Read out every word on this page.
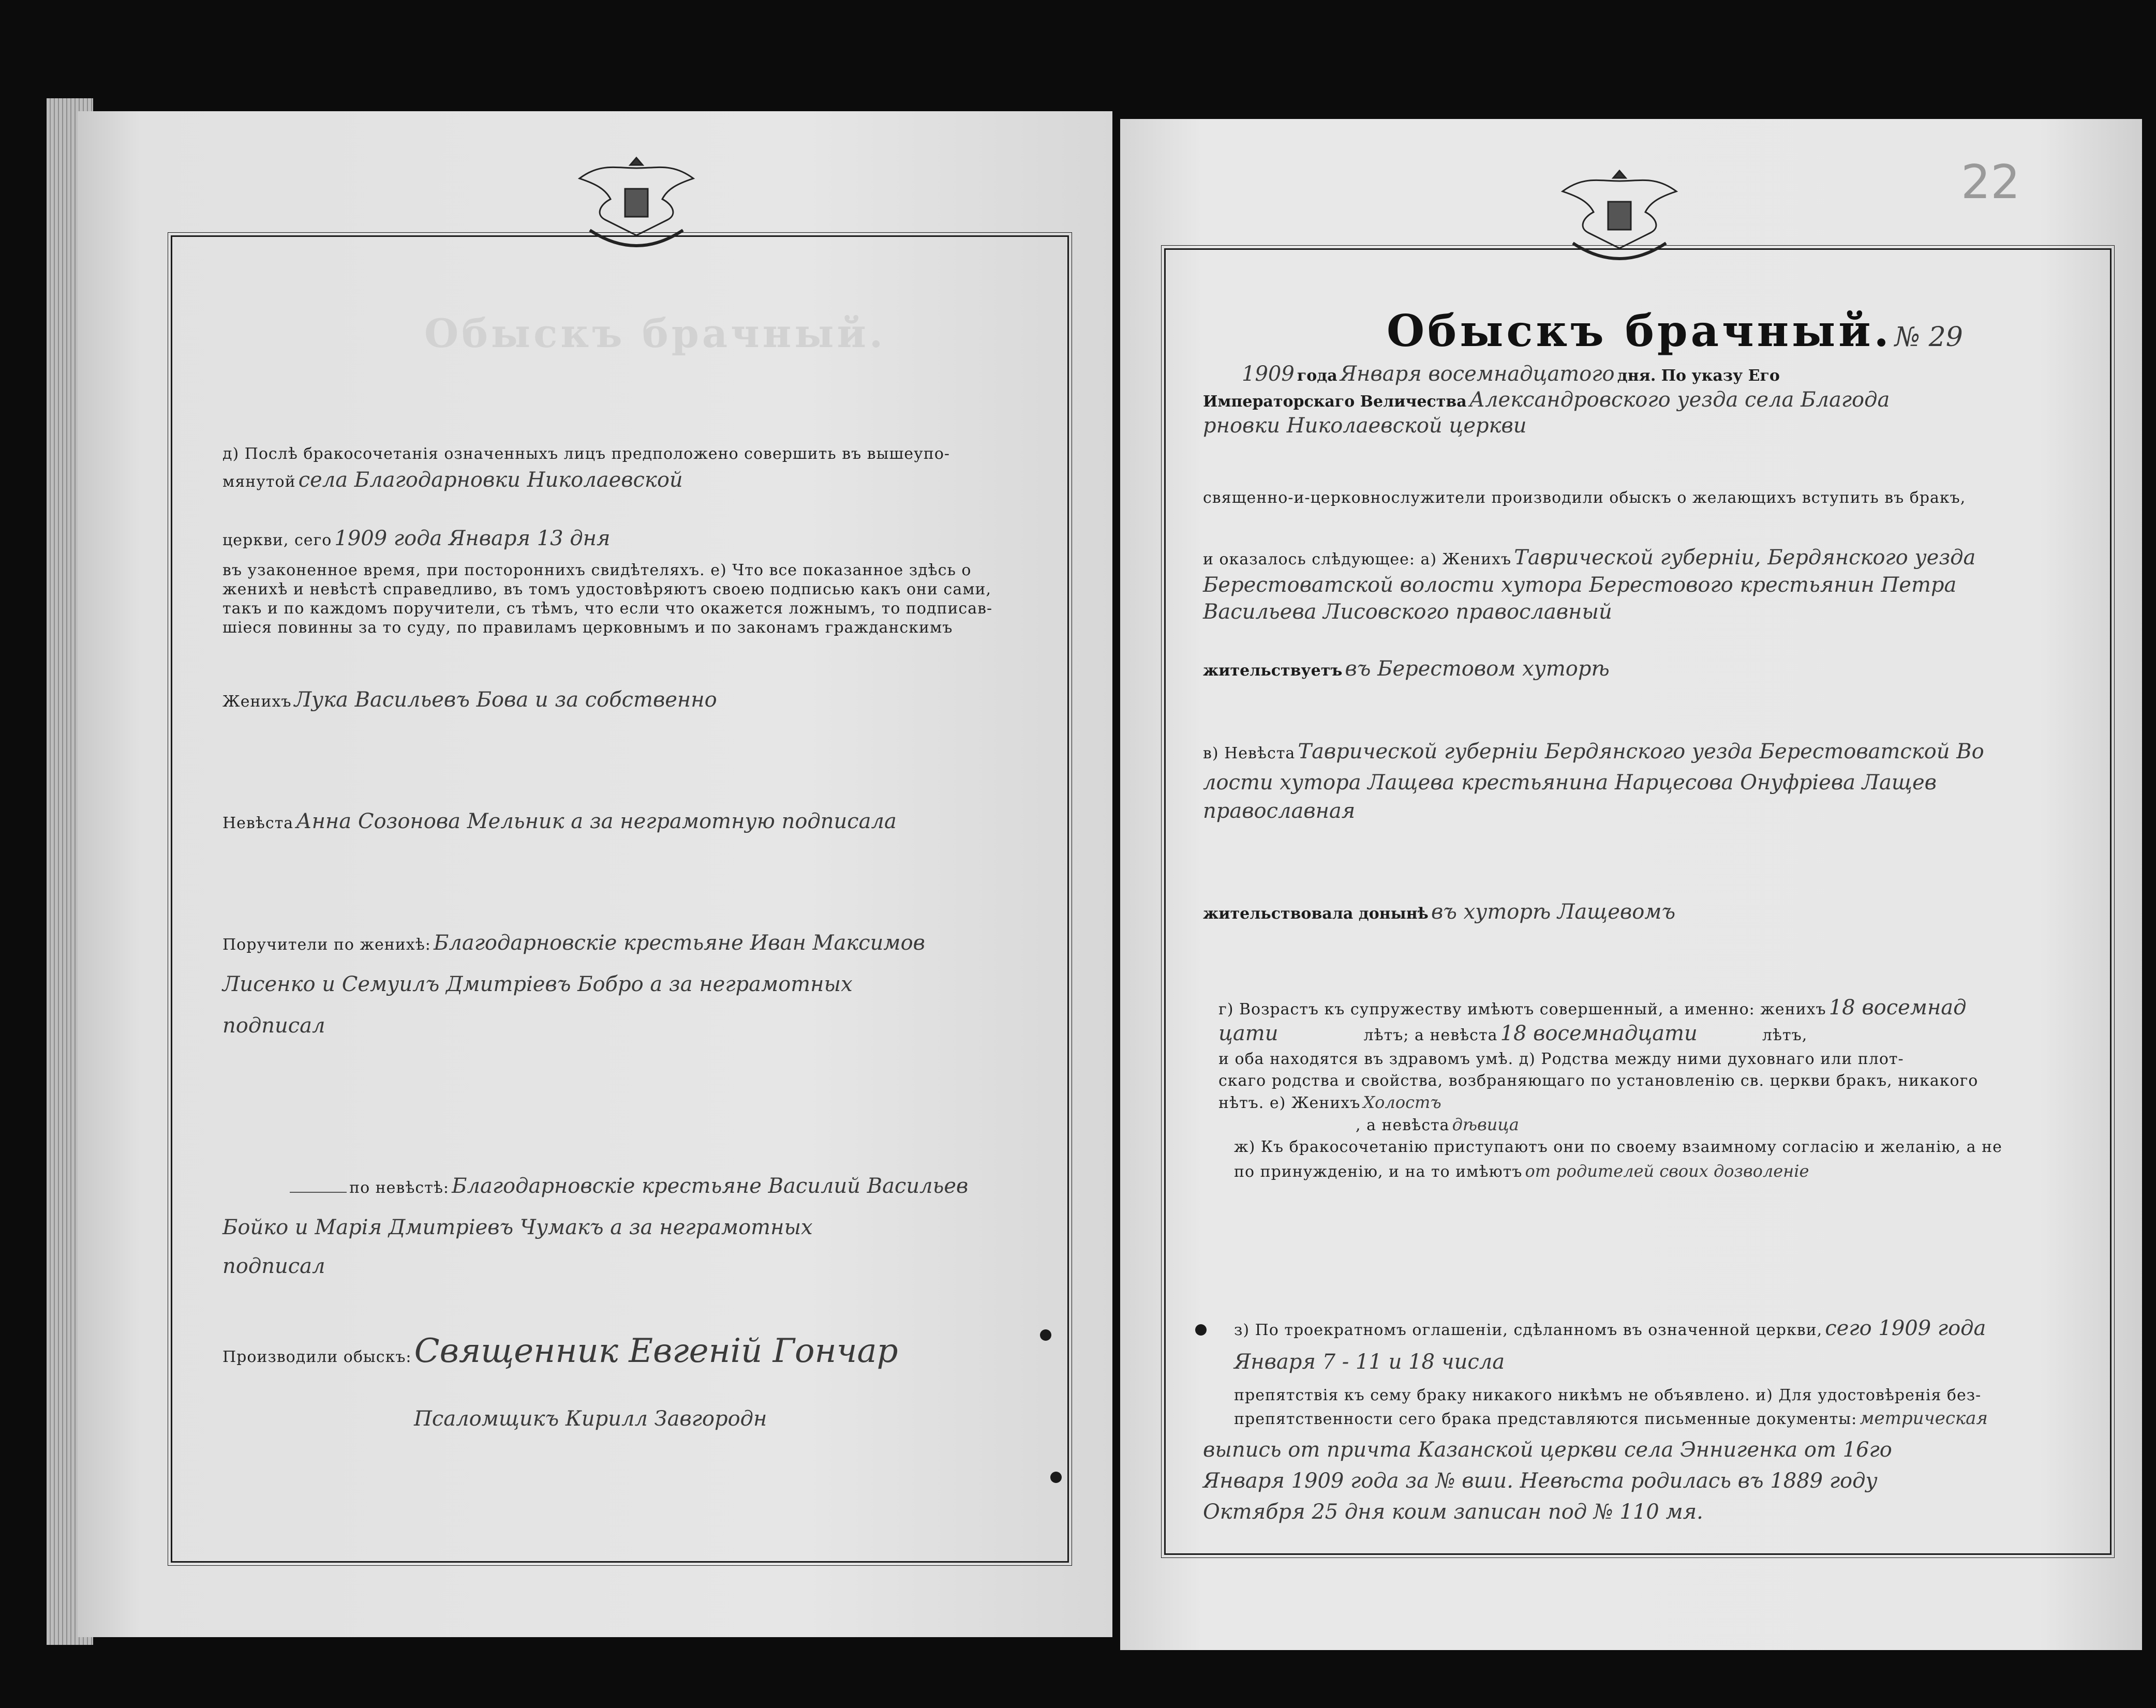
Обыскъ брачный.
д) Послѣ бракосочетанія означенныхъ лицъ предположено совершить въ вышеупо-
мянутой села Благодарновки Николаевской
церкви, сего 1909 года Января 13 дня
въ узаконенное время, при постороннихъ свидѣтеляхъ. е) Что все показанное здѣсь о
женихѣ и невѣстѣ справедливо, въ томъ удостовѣряютъ своею подписью какъ они сами,
такъ и по каждомъ поручители, съ тѣмъ, что если что окажется ложнымъ, то подписав-
шіеся повинны за то суду, по правиламъ церковнымъ и по законамъ гражданскимъ
Женихъ Лука Васильевъ Бова и за собственно
Невѣста Анна Созонова Мельник а за неграмотную подписала
Поручители по женихѣ: Благодарновскіе крестьяне Иван Максимов
Лисенко и Семуилъ Дмитріевъ Бобро а за неграмотных
подписал
по невѣстѣ: Благодарновскіе крестьяне Василий Васильев
Бойко и Марія Дмитріевъ Чумакъ а за неграмотных
подписал
Производили обыскъ: Священник Евгеній Гончар
Псаломщикъ Кирилл Завгородн
22
Обыскъ брачный. № 29
1909 года Января восемнадцатого дня. По указу Его
Императорскаго Величества Александровского уезда села Благода
рновки Николаевской церкви
священно-и-церковнослужители производили обыскъ о желающихъ вступить въ бракъ,
и оказалось слѣдующее: а) Женихъ Таврической губерніи, Бердянского уезда
Берестоватской волости хутора Берестового крестьянин Петра
Васильева Лисовского православный
жительствуетъ въ Берестовом хуторѣ
в) Невѣста Таврической губерніи Бердянского уезда Берестоватской Во
лости хутора Лащева крестьянина Нарцесова Онуфріева Лащев
православная
жительствовала донынѣ въ хуторѣ Лащевомъ
г) Возрастъ къ супружеству имѣютъ совершенный, а именно: женихъ 18 восемнад
цати	лѣтъ; а невѣста 18 восемнадцати	лѣтъ,
и оба находятся въ здравомъ умѣ. д) Родства между ними духовнаго или плот-
скаго родства и свойства, возбраняющаго по установленію св. церкви бракъ, никакого
нѣтъ. е) Женихъ Холостъ
, а невѣста дѣвица
ж) Къ бракосочетанію приступаютъ они по своему взаимному согласію и желанію, а не
по принужденію, и на то имѣютъ от родителей своих дозволеніе
з) По троекратномъ оглашеніи, сдѣланномъ въ означенной церкви, сего 1909 года
Января 7 - 11 и 18 числа
препятствія къ сему браку никакого никѣмъ не объявлено. и) Для удостовѣренія без-
препятственности сего брака представляются письменные документы: метрическая
выпись от причта Казанской церкви села Эннигенка от 16го
Января 1909 года за № вши. Невѣста родилась въ 1889 году
Октября 25 дня коим записан под № 110 мя.
